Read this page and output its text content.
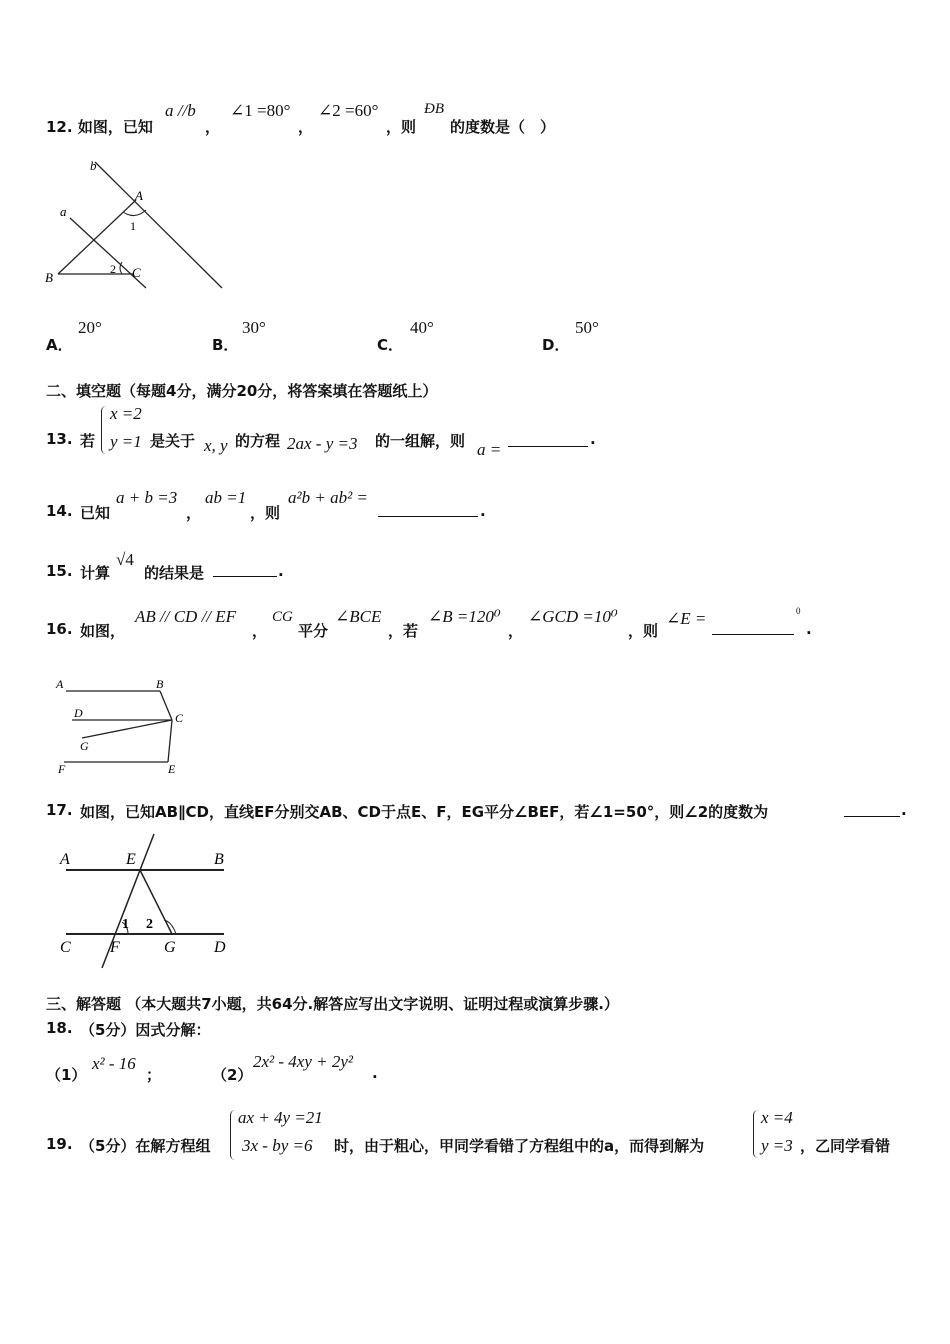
12. 如图，已知
a //b
，
∠1 =80°
，
∠2 =60°
，则
ÐB
的度数是（　）
b
a
A
1
B
2 C
A．
20°
B．
30°
C．
40°
D．
50°
二、填空题（每题4分，满分20分，将答案填在答题纸上）
13. 若
x =2
y =1 是关于 x, y 的方程 2ax - y =3 的一组解，则 a =
.
14. 已知
a + b =3
，
ab =1
，则
a²b + ab² =
.
15. 计算
√4
的结果是	.
16. 如图，
AB // CD // EF
，
CG
平分
∠BCE
，若
∠B =120⁰
，
∠GCD =10⁰
，则
∠E =	0
.
A	B
D	C
G
F	E
17. 如图，已知AB∥CD，直线EF分别交AB、CD于点E、F，EG平分∠BEF，若∠1=50°，则∠2的度数为	.
A	E	B
1 2
C F	G D
三、解答题 （本大题共7小题，共64分.解答应写出文字说明、证明过程或演算步骤.）
18. （5分）因式分解：
（1）
x² - 16
；	（2）
2x² - 4xy + 2y²
.
19. （5分）在解方程组
ax + 4y =21
3x - by =6 时，由于粗心，甲同学看错了方程组中的a，而得到解为
x =4
y =3 ，乙同学看错
